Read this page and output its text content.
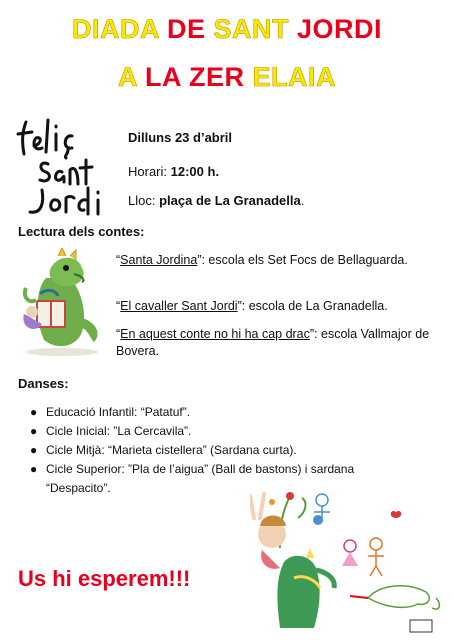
DIADA DE SANT JORDI
A LA ZER ELAIA
Dilluns 23 d’abril
Horari: 12:00 h.
Lloc: plaça de La Granadella.
Lectura dels contes:
“Santa Jordina”: escola els Set Focs de Bellaguarda.
“El cavaller Sant Jordi”: escola de La Granadella.
“En aquest conte no hi ha cap drac”: escola Vallmajor de Bovera.
Danses:
● Educació Infantil: “Patatuf”.
● Cicle Inicial: ”La Cercavila”.
● Cicle Mitjà: “Marieta cistellera” (Sardana curta).
● Cicle Superior: ”Pla de l’aigua” (Ball de bastons) i sardana
“Despacito”.
Us hi esperem!!!
